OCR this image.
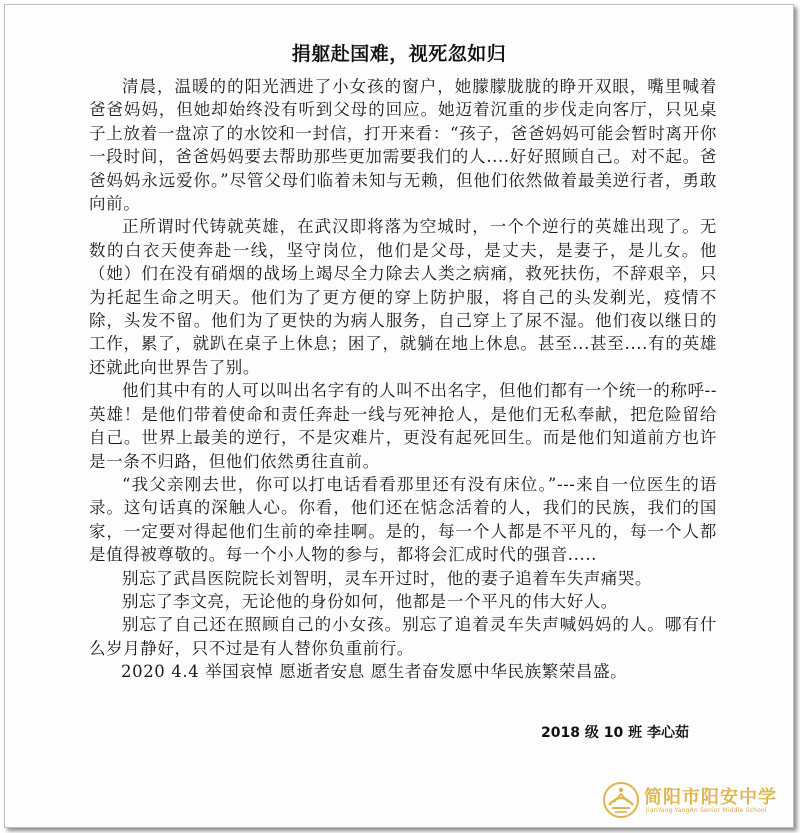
捐躯赴国难，视死忽如归

清晨，温暖的的阳光洒进了小女孩的窗户，她朦朦胧胧的睁开双眼，嘴里喊着爸爸妈妈，但她却始终没有听到父母的回应。她迈着沉重的步伐走向客厅，只见桌子上放着一盘凉了的水饺和一封信，打开来看：“孩子，爸爸妈妈可能会暂时离开你一段时间，爸爸妈妈要去帮助那些更加需要我们的人....好好照顾自己。对不起。爸爸妈妈永远爱你。”尽管父母们临着未知与无赖，但他们依然做着最美逆行者，勇敢向前。

正所谓时代铸就英雄，在武汉即将落为空城时，一个个逆行的英雄出现了。无数的白衣天使奔赴一线，坚守岗位，他们是父母，是丈夫，是妻子，是儿女。他（她）们在没有硝烟的战场上竭尽全力除去人类之病痛，救死扶伤，不辞艰辛，只为托起生命之明天。他们为了更方便的穿上防护服，将自己的头发剃光，疫情不除，头发不留。他们为了更快的为病人服务，自己穿上了尿不湿。他们夜以继日的工作，累了，就趴在桌子上休息；困了，就躺在地上休息。甚至...甚至....有的英雄还就此向世界告了别。

他们其中有的人可以叫出名字有的人叫不出名字，但他们都有一个统一的称呼--英雄！是他们带着使命和责任奔赴一线与死神抢人，是他们无私奉献，把危险留给自己。世界上最美的逆行，不是灾难片，更没有起死回生。而是他们知道前方也许是一条不归路，但他们依然勇往直前。

“我父亲刚去世，你可以打电话看看那里还有没有床位。”---来自一位医生的语录。这句话真的深触人心。你看，他们还在惦念活着的人，我们的民族，我们的国家，一定要对得起他们生前的牵挂啊。是的，每一个人都是不平凡的，每一个人都是值得被尊敬的。每一个小人物的参与，都将会汇成时代的强音.....

别忘了武昌医院院长刘智明，灵车开过时，他的妻子追着车失声痛哭。

别忘了李文亮，无论他的身份如何，他都是一个平凡的伟大好人。

别忘了自己还在照顾自己的小女孩。别忘了追着灵车失声喊妈妈的人。哪有什么岁月静好，只不过是有人替你负重前行。

2020 4.4 举国哀悼 愿逝者安息 愿生者奋发愿中华民族繁荣昌盛。

2018 级 10 班 李心茹
简阳市阳安中学
JianYang YangAn Senior Middle School
